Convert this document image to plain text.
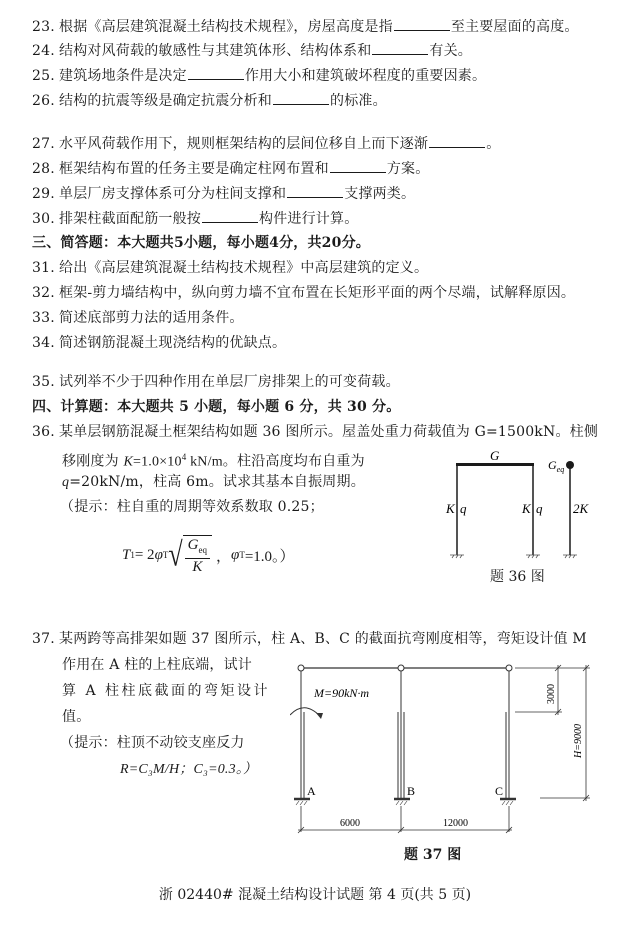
23. 根据《高层建筑混凝土结构技术规程》，房屋高度是指	至主要屋面的高度。
24. 结构对风荷载的敏感性与其建筑体形、结构体系和	有关。
25. 建筑场地条件是决定	作用大小和建筑破坏程度的重要因素。
26. 结构的抗震等级是确定抗震分析和	的标准。
27. 水平风荷载作用下，规则框架结构的层间位移自上而下逐渐	。
28. 框架结构布置的任务主要是确定柱网布置和	方案。
29. 单层厂房支撑体系可分为柱间支撑和	支撑两类。
30. 排架柱截面配筋一般按	构件进行计算。
三、简答题：本大题共5小题，每小题4分，共20分。
31. 给出《高层建筑混凝土结构技术规程》中高层建筑的定义。
32. 框架-剪力墙结构中，纵向剪力墙不宜布置在长矩形平面的两个尽端，试解释原因。
33. 简述底部剪力法的适用条件。
34. 简述钢筋混凝土现浇结构的优缺点。
35. 试列举不少于四种作用在单层厂房排架上的可变荷载。
四、计算题：本大题共 5 小题，每小题 6 分，共 30 分。
36. 某单层钢筋混凝土框架结构如题 36 图所示。屋盖处重力荷载值为 G=1500kN。柱侧
移刚度为 $K=1.0\times 10^4$ kN/m。柱沿高度均布自重为
q=20kN/m，柱高 6m。试求其基本自振周期。
（提示：柱自重的周期等效系数取 0.25；
T 1 = 2 φ T √ $\frac{G_{eq}}{K}$ ， φ T =1.0。）
G
$G_{eq}$
K q	K q 2K
题 36 图
37. 某两跨等高排架如题 37 图所示，柱 A、B、C 的截面抗弯刚度相等，弯矩设计值 M
作用在 A 柱的上柱底端，试计
算 A 柱柱底截面的弯矩设计
值。
（提示：柱顶不动铰支座反力
R=C₃M/H；C₃=0.3。）
M=90kN·m
A	B	C
6000	12000
3000
H=9000
题 37 图
浙 02440# 混凝土结构设计试题 第 4 页(共 5 页)
